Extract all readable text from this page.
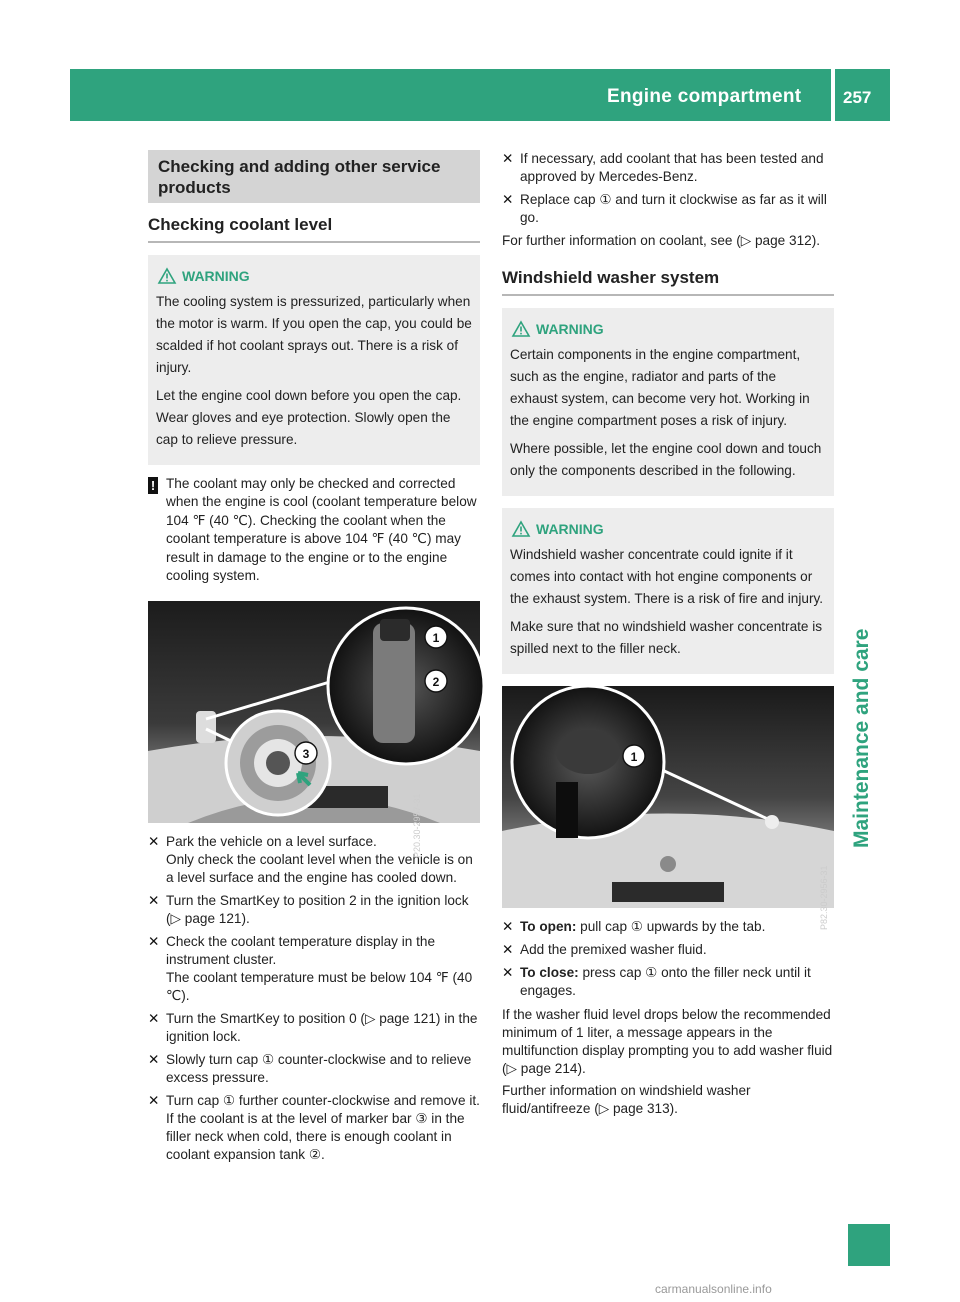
Engine compartment 257
Maintenance and care
Checking and adding other service products
Checking coolant level
WARNING

The cooling system is pressurized, particularly when the motor is warm. If you open the cap, you could be scalded if hot coolant sprays out. There is a risk of injury.

Let the engine cool down before you open the cap. Wear gloves and eye protection. Slowly open the cap to relieve pressure.

! The coolant may only be checked and corrected when the engine is cool (coolant temperature below 104 ℉ (40 ℃). Checking the coolant when the coolant temperature is above 104 ℉ (40 ℃) may result in damage to the engine or to the engine cooling system.
P20.30-2957-31
1
2
3
✕ Park the vehicle on a level surface.
Only check the coolant level when the vehicle is on a level surface and the engine has cooled down.
✕ Turn the SmartKey to position 2 in the ignition lock (▷ page 121).
✕ Check the coolant temperature display in the instrument cluster.
The coolant temperature must be below 104 ℉ (40 ℃).
✕ Turn the SmartKey to position 0 (▷ page 121) in the ignition lock.
✕ Slowly turn cap ① counter-clockwise and to relieve excess pressure.
✕ Turn cap ① further counter-clockwise and remove it.
If the coolant is at the level of marker bar ③ in the filler neck when cold, there is enough coolant in coolant expansion tank ②.
✕ If necessary, add coolant that has been tested and approved by Mercedes-Benz.
✕ Replace cap ① and turn it clockwise as far as it will go.

For further information on coolant, see (▷ page 312).

Windshield washer system
WARNING

Certain components in the engine compartment, such as the engine, radiator and parts of the exhaust system, can become very hot. Working in the engine compartment poses a risk of injury.

Where possible, let the engine cool down and touch only the components described in the following.

WARNING

Windshield washer concentrate could ignite if it comes into contact with hot engine components or the exhaust system. There is a risk of fire and injury.

Make sure that no windshield washer concentrate is spilled next to the filler neck.

P82.30-2956-31
1
✕ To open: pull cap ① upwards by the tab.
✕ Add the premixed washer fluid.
✕ To close: press cap ① onto the filler neck until it engages.

If the washer fluid level drops below the recommended minimum of 1 liter, a message appears in the multifunction display prompting you to add washer fluid (▷ page 214).

Further information on windshield washer fluid/antifreeze (▷ page 313).

carmanualsonline.info
